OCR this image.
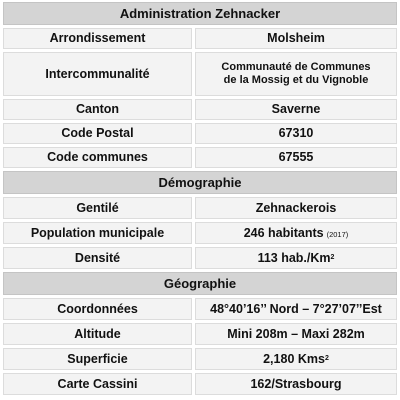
Administration Zehnacker
Arrondissement	Molsheim
Intercommunalité	Communauté de Communes
de la Mossig et du Vignoble
Canton	Saverne
Code Postal	67310
Code communes	67555
Démographie
Gentilé	Zehnackerois
Population municipale	246 habitants (2017)
Densité	113 hab./Km 2
Géographie
Coordonnées	48°40’16’’ Nord – 7°27’07’’Est
Altitude	Mini 208m – Maxi 282m
Superficie	2,180 Kms 2
Carte Cassini	162/Strasbourg
